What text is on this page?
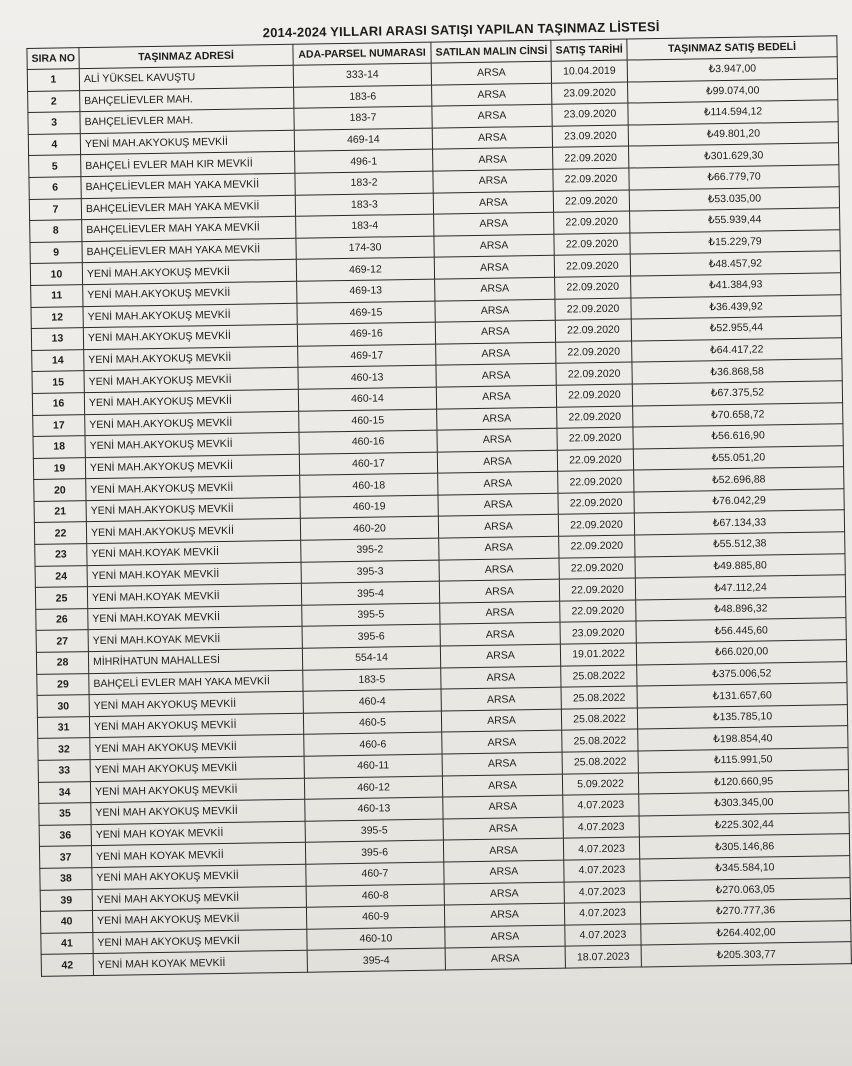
2014-2024 YILLARI ARASI SATIŞI YAPILAN TAŞINMAZ LİSTESİ
SIRA NO	TAŞINMAZ ADRESİ	ADA-PARSEL NUMARASI	SATILAN MALIN CİNSİ	SATIŞ TARİHİ	TAŞINMAZ SATIŞ BEDELİ
1	ALİ YÜKSEL KAVUŞTU	333-14	ARSA	10.04.2019	₺3.947,00
2	BAHÇELİEVLER MAH.	183-6	ARSA	23.09.2020	₺99.074,00
3	BAHÇELİEVLER MAH.	183-7	ARSA	23.09.2020	₺114.594,12
4	YENİ MAH.AKYOKUŞ MEVKİİ	469-14	ARSA	23.09.2020	₺49.801,20
5	BAHÇELİ EVLER MAH KIR MEVKİİ	496-1	ARSA	22.09.2020	₺301.629,30
6	BAHÇELİEVLER MAH YAKA MEVKİİ	183-2	ARSA	22.09.2020	₺66.779,70
7	BAHÇELİEVLER MAH YAKA MEVKİİ	183-3	ARSA	22.09.2020	₺53.035,00
8	BAHÇELİEVLER MAH YAKA MEVKİİ	183-4	ARSA	22.09.2020	₺55.939,44
9	BAHÇELİEVLER MAH YAKA MEVKİİ	174-30	ARSA	22.09.2020	₺15.229,79
10	YENİ MAH.AKYOKUŞ MEVKİİ	469-12	ARSA	22.09.2020	₺48.457,92
11	YENİ MAH.AKYOKUŞ MEVKİİ	469-13	ARSA	22.09.2020	₺41.384,93
12	YENİ MAH.AKYOKUŞ MEVKİİ	469-15	ARSA	22.09.2020	₺36.439,92
13	YENİ MAH.AKYOKUŞ MEVKİİ	469-16	ARSA	22.09.2020	₺52.955,44
14	YENİ MAH.AKYOKUŞ MEVKİİ	469-17	ARSA	22.09.2020	₺64.417,22
15	YENİ MAH.AKYOKUŞ MEVKİİ	460-13	ARSA	22.09.2020	₺36.868,58
16	YENİ MAH.AKYOKUŞ MEVKİİ	460-14	ARSA	22.09.2020	₺67.375,52
17	YENİ MAH.AKYOKUŞ MEVKİİ	460-15	ARSA	22.09.2020	₺70.658,72
18	YENİ MAH.AKYOKUŞ MEVKİİ	460-16	ARSA	22.09.2020	₺56.616,90
19	YENİ MAH.AKYOKUŞ MEVKİİ	460-17	ARSA	22.09.2020	₺55.051,20
20	YENİ MAH.AKYOKUŞ MEVKİİ	460-18	ARSA	22.09.2020	₺52.696,88
21	YENİ MAH.AKYOKUŞ MEVKİİ	460-19	ARSA	22.09.2020	₺76.042,29
22	YENİ MAH.AKYOKUŞ MEVKİİ	460-20	ARSA	22.09.2020	₺67.134,33
23	YENİ MAH.KOYAK MEVKİİ	395-2	ARSA	22.09.2020	₺55.512,38
24	YENİ MAH.KOYAK MEVKİİ	395-3	ARSA	22.09.2020	₺49.885,80
25	YENİ MAH.KOYAK MEVKİİ	395-4	ARSA	22.09.2020	₺47.112,24
26	YENİ MAH.KOYAK MEVKİİ	395-5	ARSA	22.09.2020	₺48.896,32
27	YENİ MAH.KOYAK MEVKİİ	395-6	ARSA	23.09.2020	₺56.445,60
28	MİHRİHATUN MAHALLESİ	554-14	ARSA	19.01.2022	₺66.020,00
29	BAHÇELİ EVLER MAH YAKA MEVKİİ	183-5	ARSA	25.08.2022	₺375.006,52
30	YENİ MAH AKYOKUŞ MEVKİİ	460-4	ARSA	25.08.2022	₺131.657,60
31	YENİ MAH AKYOKUŞ MEVKİİ	460-5	ARSA	25.08.2022	₺135.785,10
32	YENİ MAH AKYOKUŞ MEVKİİ	460-6	ARSA	25.08.2022	₺198.854,40
33	YENİ MAH AKYOKUŞ MEVKİİ	460-11	ARSA	25.08.2022	₺115.991,50
34	YENİ MAH AKYOKUŞ MEVKİİ	460-12	ARSA	5.09.2022	₺120.660,95
35	YENİ MAH AKYOKUŞ MEVKİİ	460-13	ARSA	4.07.2023	₺303.345,00
36	YENİ MAH KOYAK MEVKİİ	395-5	ARSA	4.07.2023	₺225.302,44
37	YENİ MAH KOYAK MEVKİİ	395-6	ARSA	4.07.2023	₺305.146,86
38	YENİ MAH AKYOKUŞ MEVKİİ	460-7	ARSA	4.07.2023	₺345.584,10
39	YENİ MAH AKYOKUŞ MEVKİİ	460-8	ARSA	4.07.2023	₺270.063,05
40	YENİ MAH AKYOKUŞ MEVKİİ	460-9	ARSA	4.07.2023	₺270.777,36
41	YENİ MAH AKYOKUŞ MEVKİİ	460-10	ARSA	4.07.2023	₺264.402,00
42	YENİ MAH KOYAK MEVKİİ	395-4	ARSA	18.07.2023	₺205.303,77
